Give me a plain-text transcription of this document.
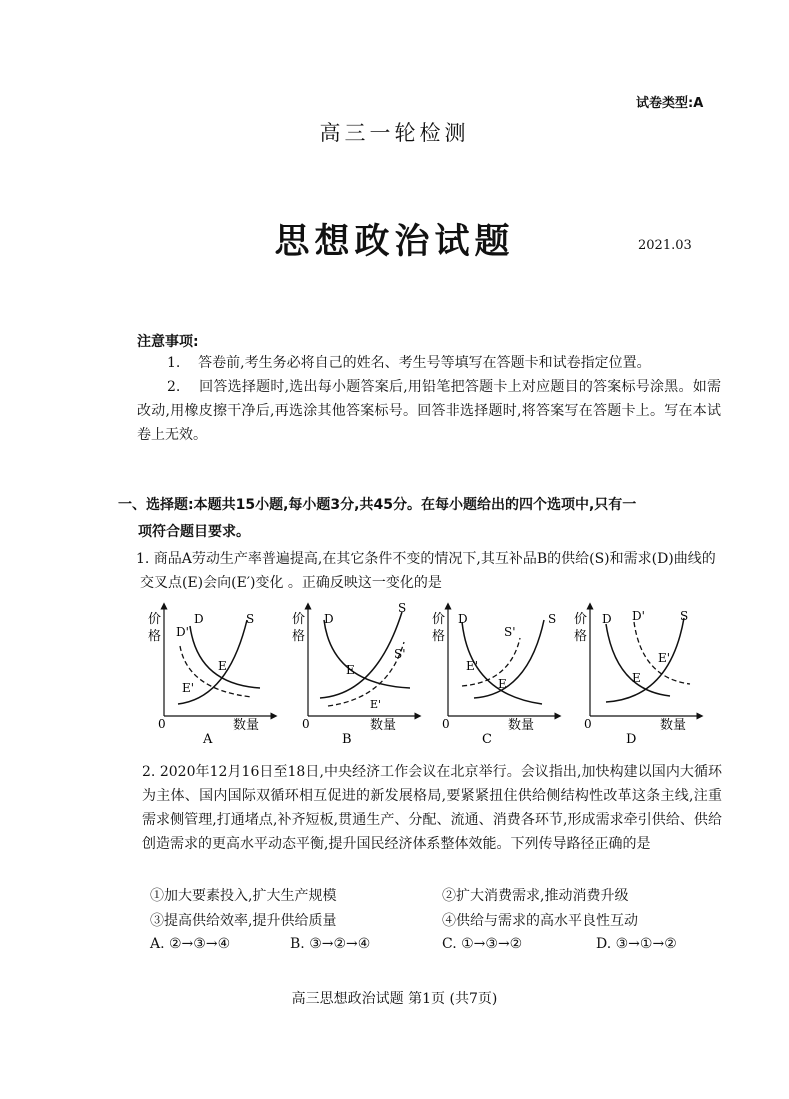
试卷类型:A
高三一轮检测
思想政治试题	2021.03
注意事项:
1.    答卷前,考生务必将自己的姓名、考生号等填写在答题卡和试卷指定位置。
2.    回答选择题时,选出每小题答案后,用铅笔把答题卡上对应题目的答案标号涂黑。如需改动,用橡皮擦干净后,再选涂其他答案标号。回答非选择题时,将答案写在答题卡上。写在本试卷上无效。
一、选择题:本题共15小题,每小题3分,共45分。在每小题给出的四个选项中,只有一
项符合题目要求。
1. 商品A劳动生产率普遍提高,在其它条件不变的情况下,其互补品B的供给(S)和需求(D)曲线的交叉点(E)会向(E′)变化 。正确反映这一变化的是
价
格
数量
0
D
D'
S
E
E'
A
价
格
数量
0
D
S
S'
E
E'
B
价
格
数量
0
D
S'
S
E'
E
C
价
格
数量
0
D D'	S
E'
E
D
2. 2020年12月16日至18日,中央经济工作会议在北京举行。会议指出,加快构建以国内大循环为主体、国内国际双循环相互促进的新发展格局,要紧紧扭住供给侧结构性改革这条主线,注重需求侧管理,打通堵点,补齐短板,贯通生产、分配、流通、消费各环节,形成需求牵引供给、供给创造需求的更高水平动态平衡,提升国民经济体系整体效能。下列传导路径正确的是
①加大要素投入,扩大生产规模	②扩大消费需求,推动消费升级
③提高供给效率,提升供给质量	④供给与需求的高水平良性互动
A. ②→③→④	B. ③→②→④	C. ①→③→②	D. ③→①→②
高三思想政治试题 第1页 (共7页)
